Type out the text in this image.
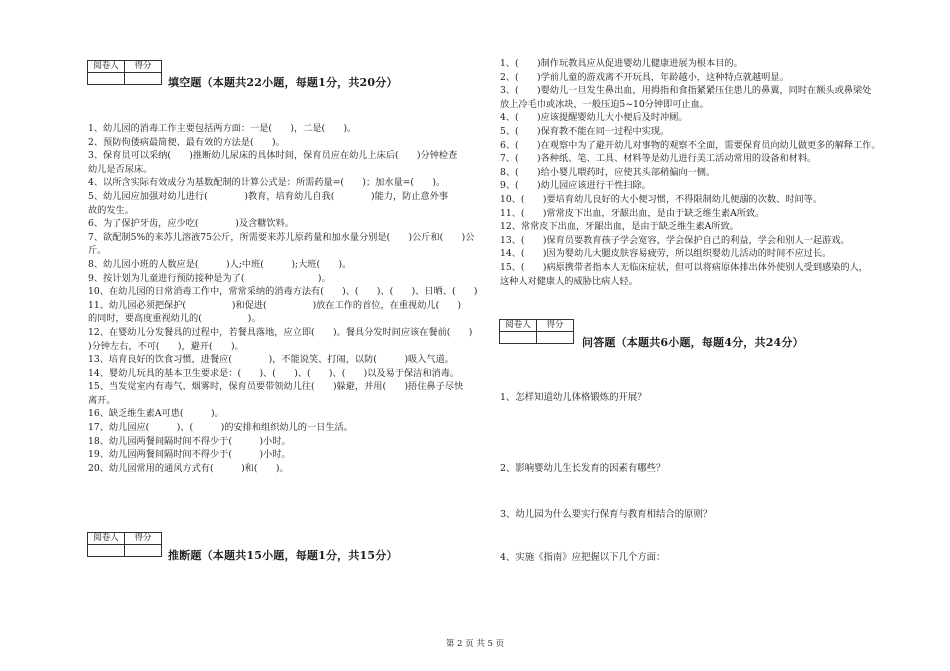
阅卷人	得分

阅卷人	得分

阅卷人	得分

填空题（本题共22小题，每题1分，共20分）
推断题（本题共15小题，每题1分，共15分）
问答题（本题共6小题，每题4分，共24分）
1、幼儿园的消毒工作主要包括两方面：一是(　　)，二是(　　)。
2、预防佝偻病最简便、最有效的方法是(　　)。
3、保育员可以采纳(　　)推断幼儿尿床的具体时间，保育员应在幼儿上床后(　　)分钟检查
幼儿是否尿床。
4、以所含实际有效成分为基数配制的计算公式是：所需药量=(　　)；加水量=(　　)。
5、幼儿园应加强对幼儿进行(　　　　)教育，培育幼儿自我(　　　　)能力，防止意外事
故的发生。
6、为了保护牙齿，应少吃(　　　　)及含糖饮料。
7、欲配制5%的来苏儿溶液75公斤，所需要来苏儿原药量和加水量分别是(　　)公斤和(　　)公
斤。
8、幼儿园小班的人数应是(　　　)人;中班(　　　);大班(　　)。
9、按计划为儿童进行预防接种是为了(　　　　　　　　)。
10、在幼儿园的日常消毒工作中，常常采纳的消毒方法有(　　)、(　　)、(　　)、日晒、(　　)
11、幼儿园必须把保护(　　　　　)和促进(　　　　　)放在工作的首位，在重视幼儿(　　)
的同时，要高度重视幼儿的(　　　　　)。
12、在婴幼儿分发餐具的过程中，若餐具落地，应立即(　　)。餐具分发时间应该在餐前(　　)
)分钟左右，不可(　　)，避开(　　)。
13、培育良好的饮食习惯，进餐应(　　　　)，不能说笑、打闹，以防(　　　)吸入气道。
14、婴幼儿玩具的基本卫生要求是：(　　)、(　　)、(　　)、(　　)以及易于保洁和消毒。
15、当发觉室内有毒气、烟雾时，保育员要带领幼儿往(　　)躲避，并用(　　)捂住鼻子尽快
离开。
16、缺乏维生素A可患(　　　)。
17、幼儿园应(　　　)、(　　　)的安排和组织幼儿的一日生活。
18、幼儿园两餐间隔时间不得少于(　　　)小时。
19、幼儿园两餐间隔时间不得少于(　　　)小时。
20、幼儿园常用的通风方式有(　　　)和(　　)。
1、(　　)制作玩教具应从促进婴幼儿健康进展为根本目的。
2、(　　)学前儿童的游戏离不开玩具，年龄越小，这种特点就越明显。
3、(　　)婴幼儿一旦发生鼻出血，用拇指和食指紧紧压住患儿的鼻翼，同时在额头或鼻梁处
放上冷毛巾或冰块，一般压迫5~10分钟即可止血。
4、(　　)应该提醒婴幼儿大小便后及时冲厕。
5、(　　)保育教不能在同一过程中实现。
6、(　　)在观察中为了避开幼儿对事物的观察不全面，需要保育员向幼儿做更多的解释工作。
7、(　　)各种纸、笔、工具、材料等是幼儿进行美工活动常用的设备和材料。
8、(　　)给小婴儿喂药时，应使其头部稍偏向一侧。
9、(　　)幼儿园应该进行干性扫除。
10、(　　)要培育幼儿良好的大小便习惯，不得限制幼儿便溺的次数、时间等。
11、(　　)常常皮下出血，牙龈出血，是由于缺乏维生素A所致。
12、常常皮下出血，牙龈出血，是由于缺乏维生素A所致。
13、(　　)保育员要教育孩子学会宽容，学会保护自己的利益，学会和别人一起游戏。
14、(　　)因为婴幼儿大腿皮肤容易疲劳，所以组织婴幼儿活动的时间不应过长。
15、(　　)病原携带者指本人无临床症状，但可以将病原体排出体外使别人受到感染的人，
这种人对健康人的威胁比病人轻。
1、怎样知道幼儿体格锻炼的开展？
2、影响婴幼儿生长发育的因素有哪些？
3、幼儿园为什么要实行保育与教育相结合的原则？
4、实施《指南》应把握以下几个方面：
第 2 页 共 5 页
